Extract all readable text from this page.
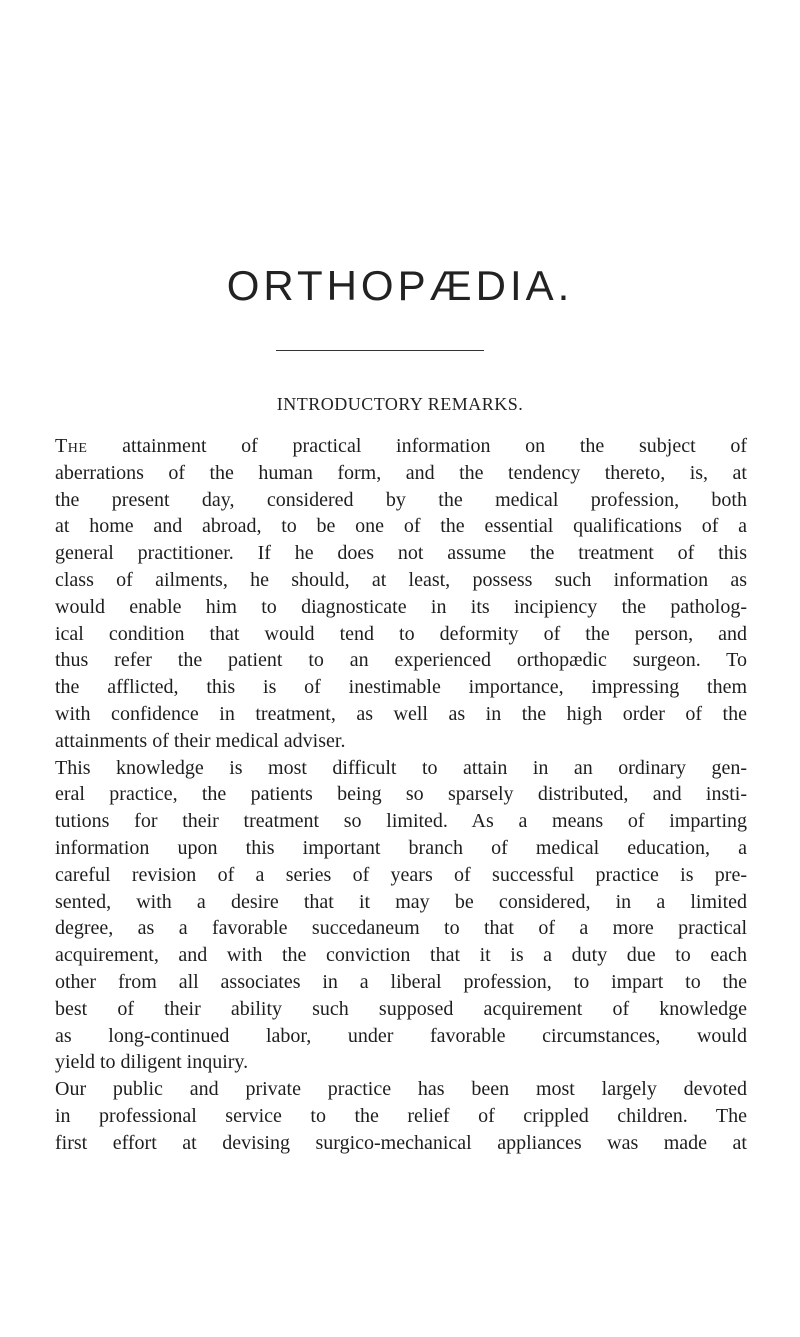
ORTHOPÆDIA.
INTRODUCTORY REMARKS.

The attainment of practical information on the subject of
aberrations of the human form, and the tendency thereto, is, at
the present day, considered by the medical profession, both
at home and abroad, to be one of the essential qualifications of a
general practitioner. If he does not assume the treatment of this
class of ailments, he should, at least, possess such information as
would enable him to diagnosticate in its incipiency the patholog-
ical condition that would tend to deformity of the person, and
thus refer the patient to an experienced orthopædic surgeon. To
the afflicted, this is of inestimable importance, impressing them
with confidence in treatment, as well as in the high order of the
attainments of their medical adviser.

This knowledge is most difficult to attain in an ordinary gen-
eral practice, the patients being so sparsely distributed, and insti-
tutions for their treatment so limited. As a means of imparting
information upon this important branch of medical education, a
careful revision of a series of years of successful practice is pre-
sented, with a desire that it may be considered, in a limited
degree, as a favorable succedaneum to that of a more practical
acquirement, and with the conviction that it is a duty due to each
other from all associates in a liberal profession, to impart to the
best of their ability such supposed acquirement of knowledge
as long-continued labor, under favorable circumstances, would
yield to diligent inquiry.

Our public and private practice has been most largely devoted
in professional service to the relief of crippled children. The
first effort at devising surgico-mechanical appliances was made at
